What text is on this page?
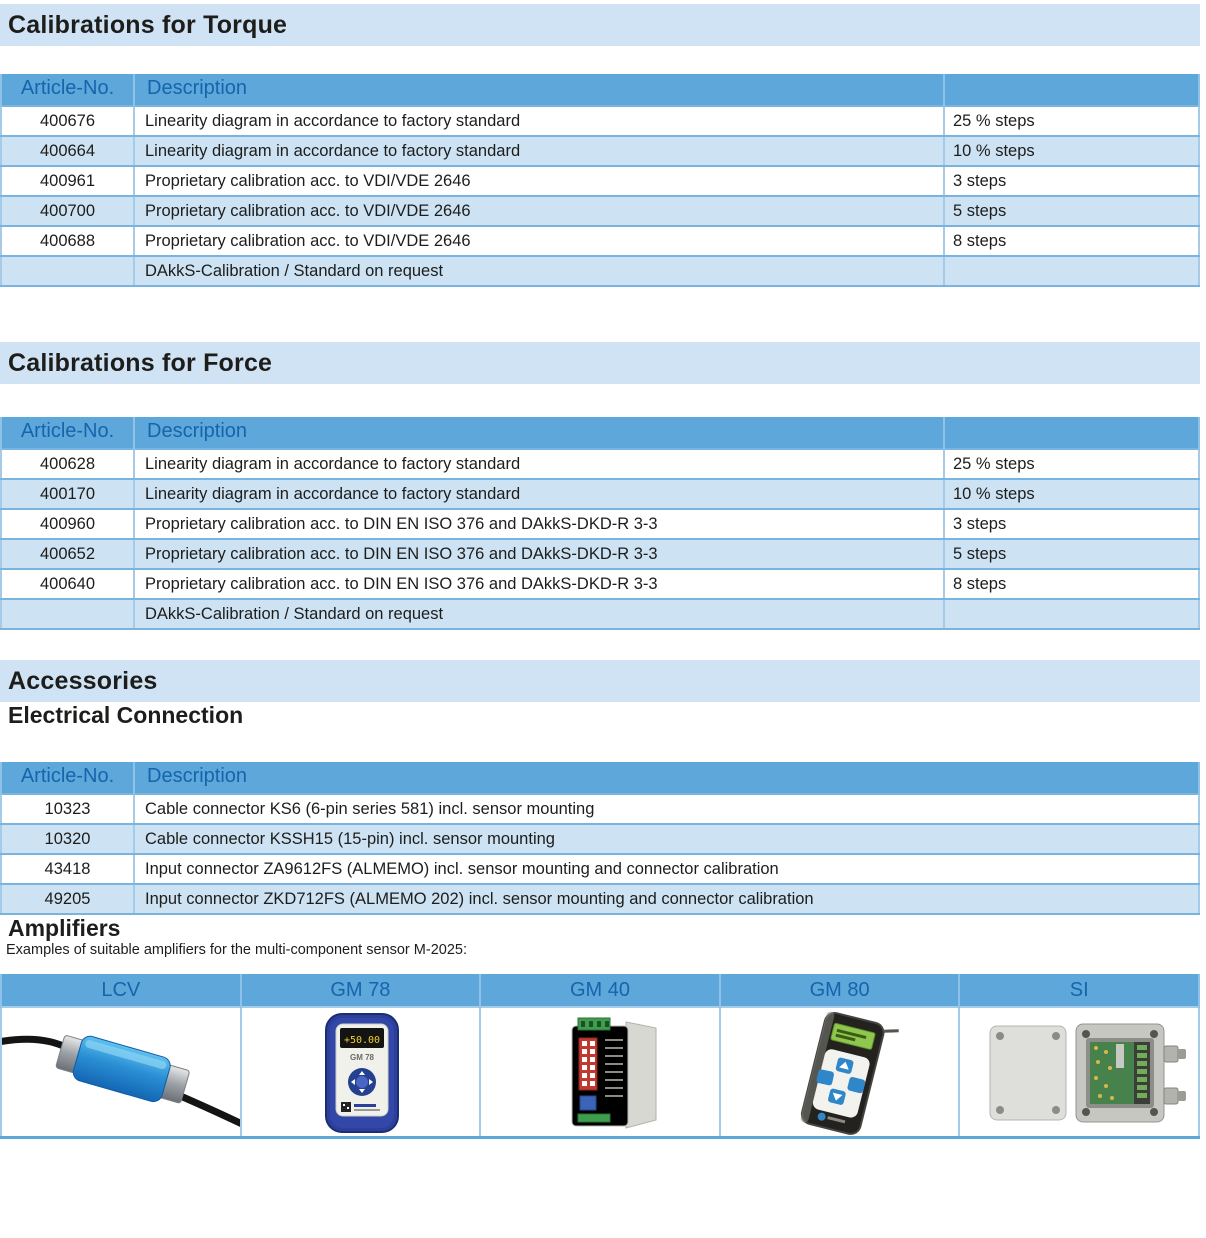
Calibrations for Torque
Article-No.	Description	
400676	Linearity diagram in accordance to factory standard	25 % steps
400664	Linearity diagram in accordance to factory standard	10 % steps
400961	Proprietary calibration acc. to VDI/VDE 2646	3 steps
400700	Proprietary calibration acc. to VDI/VDE 2646	5 steps
400688	Proprietary calibration acc. to VDI/VDE 2646	8 steps
	DAkkS-Calibration / Standard on request	
Calibrations for Force
Article-No.	Description	
400628	Linearity diagram in accordance to factory standard	25 % steps
400170	Linearity diagram in accordance to factory standard	10 % steps
400960	Proprietary calibration acc. to DIN EN ISO 376 and DAkkS-DKD-R 3-3	3 steps
400652	Proprietary calibration acc. to DIN EN ISO 376 and DAkkS-DKD-R 3-3	5 steps
400640	Proprietary calibration acc. to DIN EN ISO 376 and DAkkS-DKD-R 3-3	8 steps
	DAkkS-Calibration / Standard on request	
Accessories
Electrical Connection
Article-No.	Description
10323	Cable connector KS6 (6-pin series 581) incl. sensor mounting
10320	Cable connector KSSH15 (15-pin) incl. sensor mounting
43418	Input connector ZA9612FS (ALMEMO) incl. sensor mounting and connector calibration
49205	Input connector ZKD712FS (ALMEMO 202) incl. sensor mounting and connector calibration
Amplifiers

Examples of suitable amplifiers for the multi-component sensor M-2025:

LCV	GM 78	GM 40	GM 80	SI

+50.00
GM 78
